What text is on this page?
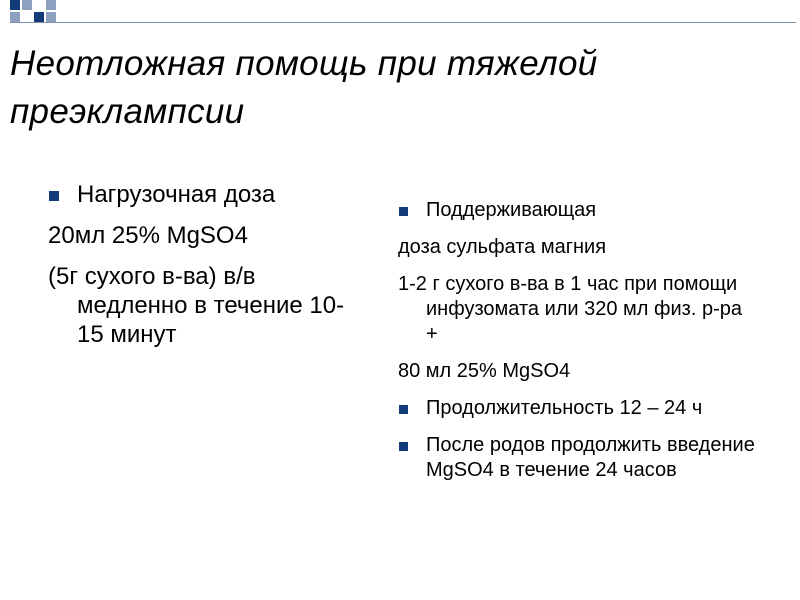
Неотложная помощь при тяжелой преэклампсии

Нагрузочная доза

20мл 25% MgSO4

(5г сухого в-ва) в/в медленно в течение 10-15 минут

Поддерживающая

доза сульфата магния

1-2 г сухого в-ва в 1 час при помощи инфузомата или 320 мл физ. р-ра +

80 мл 25% MgSO4

Продолжительность 12 – 24 ч

После родов продолжить введение MgSO4 в течение 24 часов
